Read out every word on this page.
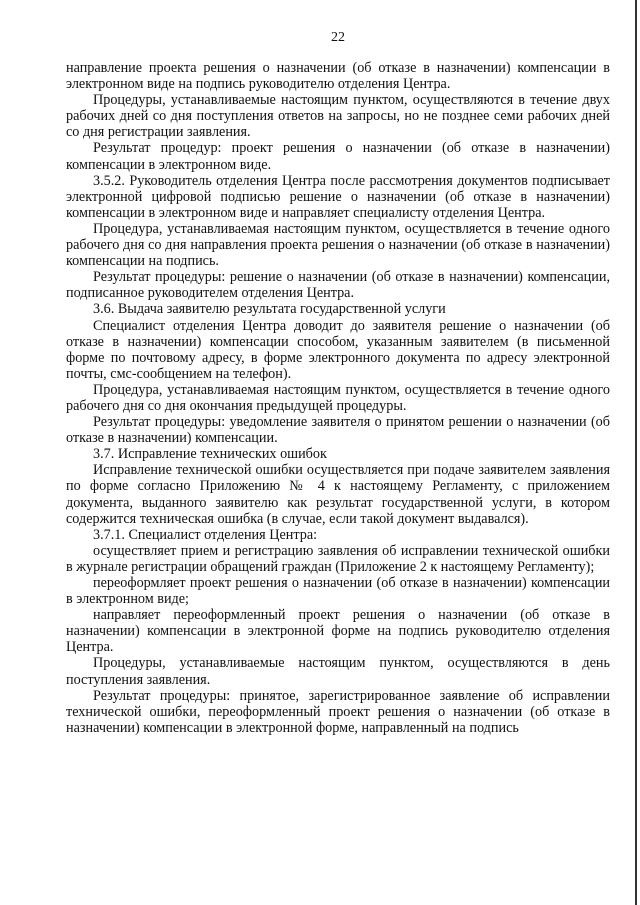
22

направление проекта решения о назначении (об отказе в назначении) компенсации в электронном виде на подпись руководителю отделения Центра.

Процедуры, устанавливаемые настоящим пунктом, осуществляются в течение двух рабочих дней со дня поступления ответов на запросы, но не позднее семи рабочих дней со дня регистрации заявления.

Результат процедур: проект решения о назначении (об отказе в назначении) компенсации в электронном виде.

3.5.2. Руководитель отделения Центра после рассмотрения документов подписывает электронной цифровой подписью решение о назначении (об отказе в назначении) компенсации в электронном виде и направляет специалисту отделения Центра.

Процедура, устанавливаемая настоящим пунктом, осуществляется в течение одного рабочего дня со дня направления проекта решения о назначении (об отказе в назначении) компенсации на подпись.

Результат процедуры: решение о назначении (об отказе в назначении) компенсации, подписанное руководителем отделения Центра.

3.6. Выдача заявителю результата государственной услуги

Специалист отделения Центра доводит до заявителя решение о назначении (об отказе в назначении) компенсации способом, указанным заявителем (в письменной форме по почтовому адресу, в форме электронного документа по адресу электронной почты, смс-сообщением на телефон).

Процедура, устанавливаемая настоящим пунктом, осуществляется в течение одного рабочего дня со дня окончания предыдущей процедуры.

Результат процедуры: уведомление заявителя о принятом решении о назначении (об отказе в назначении) компенсации.

3.7. Исправление технических ошибок

Исправление технической ошибки осуществляется при подаче заявителем заявления по форме согласно Приложению № 4 к настоящему Регламенту, с приложением документа, выданного заявителю как результат государственной услуги, в котором содержится техническая ошибка (в случае, если такой документ выдавался).

3.7.1. Специалист отделения Центра:

осуществляет прием и регистрацию заявления об исправлении технической ошибки в журнале регистрации обращений граждан (Приложение 2 к настоящему Регламенту);

переоформляет проект решения о назначении (об отказе в назначении) компенсации в электронном виде;

направляет переоформленный проект решения о назначении (об отказе в назначении) компенсации в электронной форме на подпись руководителю отделения Центра.

Процедуры, устанавливаемые настоящим пунктом, осуществляются в день поступления заявления.

Результат процедуры: принятое, зарегистрированное заявление об исправлении технической ошибки, переоформленный проект решения о назначении (об отказе в назначении) компенсации в электронной форме, направленный на подпись
